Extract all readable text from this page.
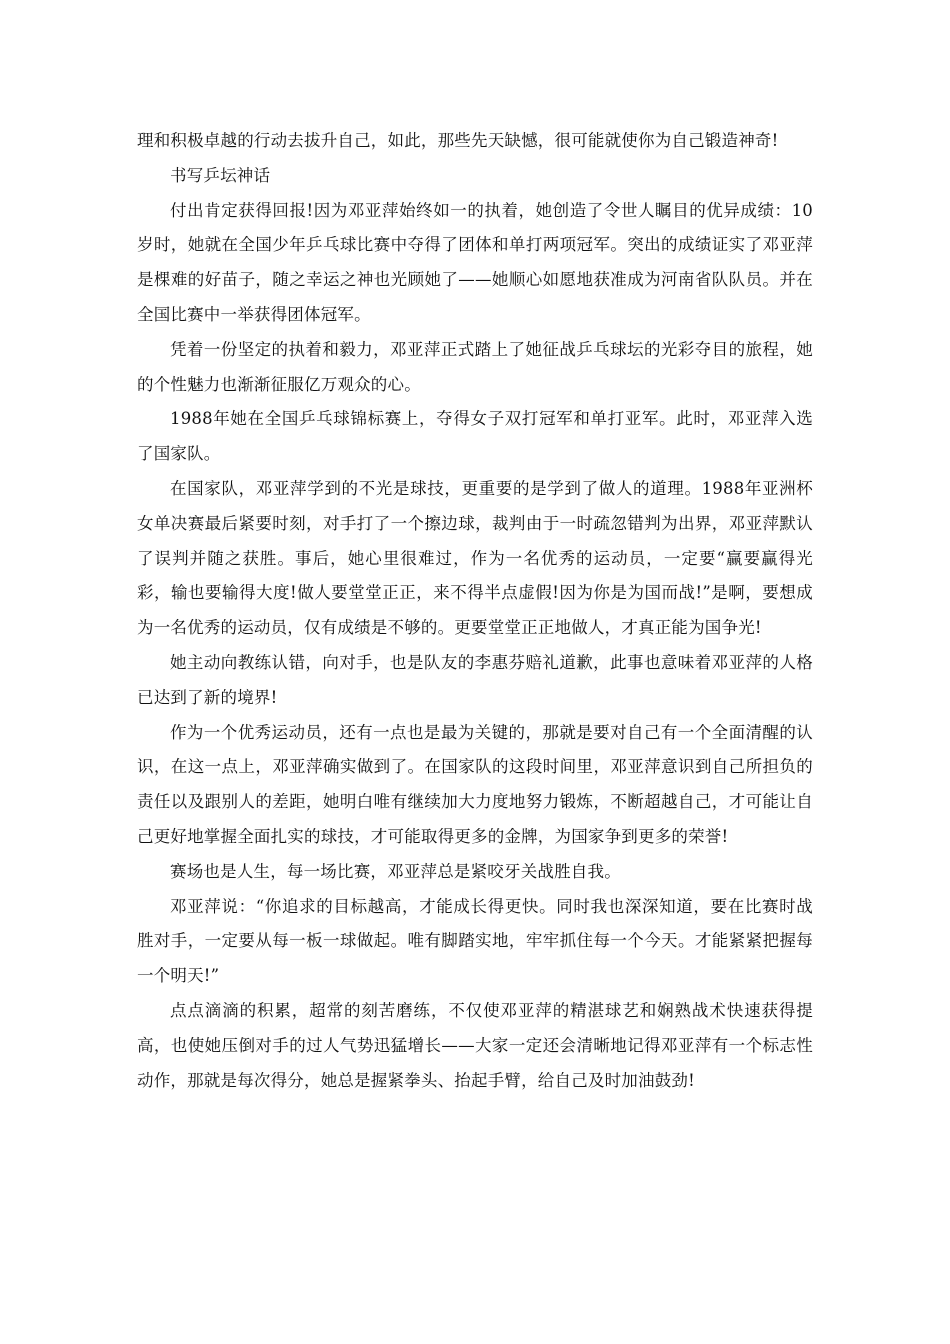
理和积极卓越的行动去拔升自己，如此，那些先天缺憾，很可能就使你为自己锻造神奇!

书写乒坛神话

付出肯定获得回报!因为邓亚萍始终如一的执着，她创造了令世人瞩目的优异成绩：10岁时，她就在全国少年乒乓球比赛中夺得了团体和单打两项冠军。突出的成绩证实了邓亚萍是棵难的好苗子，随之幸运之神也光顾她了——她顺心如愿地获准成为河南省队队员。并在全国比赛中一举获得团体冠军。

凭着一份坚定的执着和毅力，邓亚萍正式踏上了她征战乒乓球坛的光彩夺目的旅程，她的个性魅力也渐渐征服亿万观众的心。

1988年她在全国乒乓球锦标赛上，夺得女子双打冠军和单打亚军。此时，邓亚萍入选了国家队。

在国家队，邓亚萍学到的不光是球技，更重要的是学到了做人的道理。1988年亚洲杯女单决赛最后紧要时刻，对手打了一个擦边球，裁判由于一时疏忽错判为出界，邓亚萍默认了误判并随之获胜。事后，她心里很难过，作为一名优秀的运动员，一定要“赢要赢得光彩，输也要输得大度!做人要堂堂正正，来不得半点虚假!因为你是为国而战!”是啊，要想成为一名优秀的运动员，仅有成绩是不够的。更要堂堂正正地做人，才真正能为国争光!

她主动向教练认错，向对手，也是队友的李惠芬赔礼道歉，此事也意味着邓亚萍的人格已达到了新的境界!

作为一个优秀运动员，还有一点也是最为关键的，那就是要对自己有一个全面清醒的认识，在这一点上，邓亚萍确实做到了。在国家队的这段时间里，邓亚萍意识到自己所担负的责任以及跟别人的差距，她明白唯有继续加大力度地努力锻炼，不断超越自己，才可能让自己更好地掌握全面扎实的球技，才可能取得更多的金牌，为国家争到更多的荣誉!

赛场也是人生，每一场比赛，邓亚萍总是紧咬牙关战胜自我。

邓亚萍说：“你追求的目标越高，才能成长得更快。同时我也深深知道，要在比赛时战胜对手，一定要从每一板一球做起。唯有脚踏实地，牢牢抓住每一个今天。才能紧紧把握每一个明天!”

点点滴滴的积累，超常的刻苦磨练，不仅使邓亚萍的精湛球艺和娴熟战术快速获得提高，也使她压倒对手的过人气势迅猛增长——大家一定还会清晰地记得邓亚萍有一个标志性动作，那就是每次得分，她总是握紧拳头、抬起手臂，给自己及时加油鼓劲!
